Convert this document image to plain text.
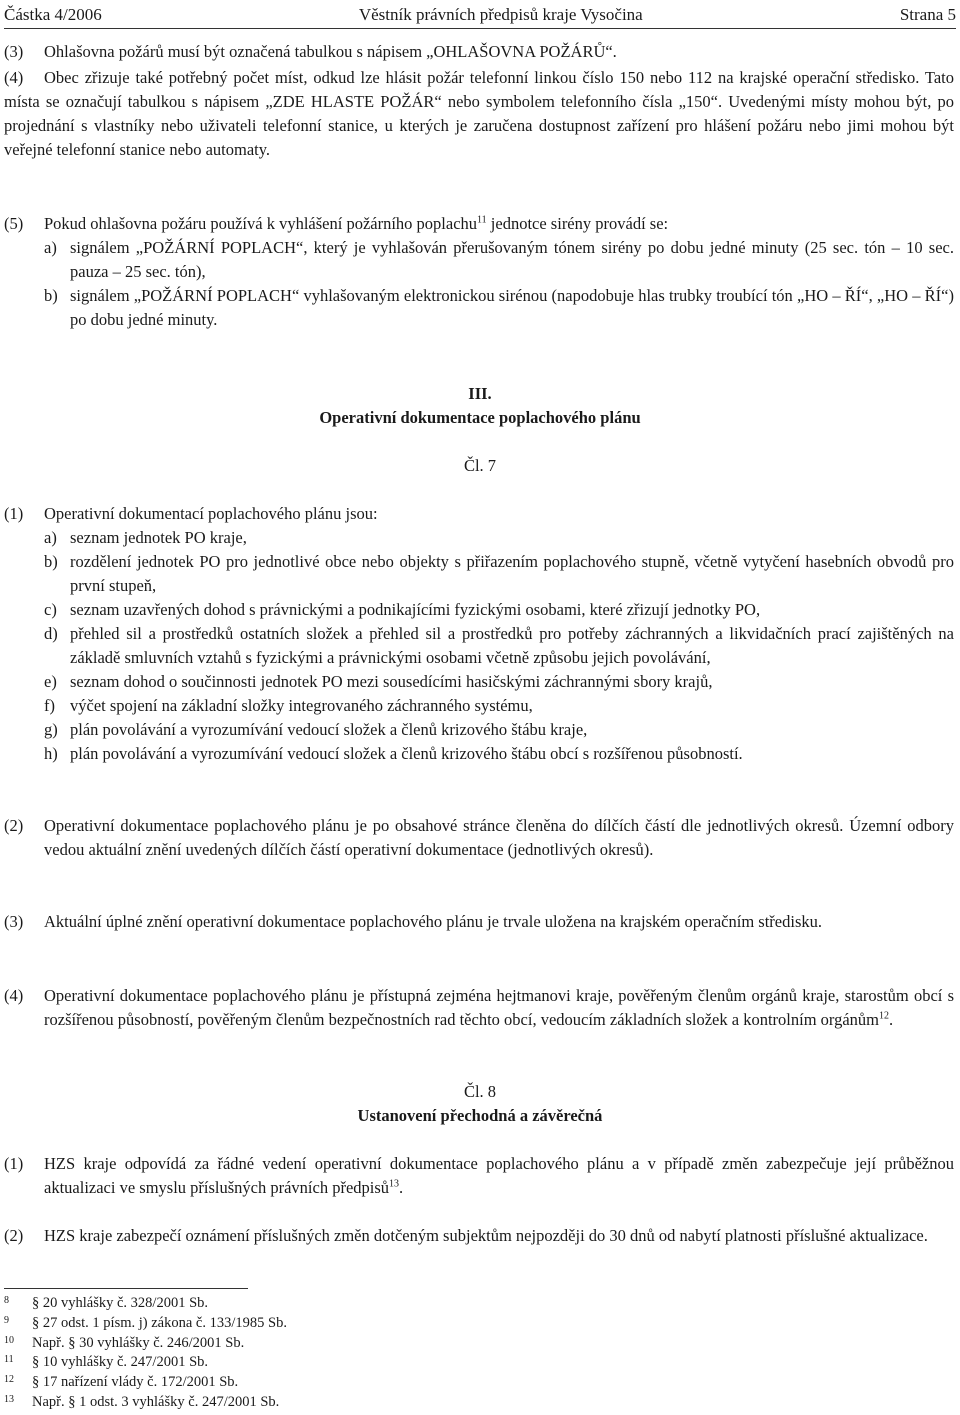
Částka 4/2006	Věstník právních předpisů kraje Vysočina	Strana 5
(3)	Ohlašovna požárů musí být označená tabulkou s nápisem „OHLAŠOVNA POŽÁRŮ“.
(4) Obec zřizuje také potřebný počet míst, odkud lze hlásit požár telefonní linkou číslo 150 nebo 112 na krajské operační středisko. Tato místa se označují tabulkou s nápisem „ZDE HLASTE POŽÁR“ nebo symbolem telefonního čísla „150“. Uvedenými místy mohou být, po projednání s vlastníky nebo uživateli telefonní stanice, u kterých je zaručena dostupnost zařízení pro hlášení požáru nebo jimi mohou být veřejné telefonní stanice nebo automaty.
(5)	Pokud ohlašovna požáru používá k vyhlášení požárního poplachu$^{11}$ jednotce sirény provádí se:
a) signálem „POŽÁRNÍ POPLACH“, který je vyhlašován přerušovaným tónem sirény po dobu jedné minuty (25 sec. tón – 10 sec. pauza – 25 sec. tón),
b) signálem „POŽÁRNÍ POPLACH“ vyhlašovaným elektronickou sirénou (napodobuje hlas trubky troubící tón „HO – ŘÍ“, „HO – ŘÍ“) po dobu jedné minuty.
III.
Operativní dokumentace poplachového plánu
Čl. 7
(1)	Operativní dokumentací poplachového plánu jsou:
a) seznam jednotek PO kraje,
b) rozdělení jednotek PO pro jednotlivé obce nebo objekty s přiřazením poplachového stupně, včetně vytyčení hasebních obvodů pro první stupeň,
c) seznam uzavřených dohod s právnickými a podnikajícími fyzickými osobami, které zřizují jednotky PO,
d) přehled sil a prostředků ostatních složek a přehled sil a prostředků pro potřeby záchranných a likvidačních prací zajištěných na základě smluvních vztahů s fyzickými a právnickými osobami včetně způsobu jejich povolávání,
e) seznam dohod o součinnosti jednotek PO mezi sousedícími hasičskými záchrannými sbory krajů,
f) výčet spojení na základní složky integrovaného záchranného systému,
g) plán povolávání a vyrozumívání vedoucí složek a členů krizového štábu kraje,
h) plán povolávání a vyrozumívání vedoucí složek a členů krizového štábu obcí s rozšířenou působností.
(2)	Operativní dokumentace poplachového plánu je po obsahové stránce členěna do dílčích částí dle jednotlivých okresů. Územní odbory vedou aktuální znění uvedených dílčích částí operativní dokumentace (jednotlivých okresů).
(3)	Aktuální úplné znění operativní dokumentace poplachového plánu je trvale uložena na krajském operačním středisku.
(4)	Operativní dokumentace poplachového plánu je přístupná zejména hejtmanovi kraje, pověřeným členům orgánů kraje, starostům obcí s rozšířenou působností, pověřeným členům bezpečnostních rad těchto obcí, vedoucím základních složek a kontrolním orgánům$^{12}$.
Čl. 8
Ustanovení přechodná a závěrečná
(1)	HZS kraje odpovídá za řádné vedení operativní dokumentace poplachového plánu a v případě změn zabezpečuje její průběžnou aktualizaci ve smyslu příslušných právních předpisů$^{13}$.
(2)	HZS kraje zabezpečí oznámení příslušných změn dotčeným subjektům nejpozději do 30 dnů od nabytí platnosti příslušné aktualizace.
8	§ 20 vyhlášky č. 328/2001 Sb.
9	§ 27 odst. 1 písm. j) zákona č. 133/1985 Sb.
10	Např. § 30 vyhlášky č. 246/2001 Sb.
11	§ 10 vyhlášky č. 247/2001 Sb.
12	§ 17 nařízení vlády č. 172/2001 Sb.
13	Např. § 1 odst. 3 vyhlášky č. 247/2001 Sb.
